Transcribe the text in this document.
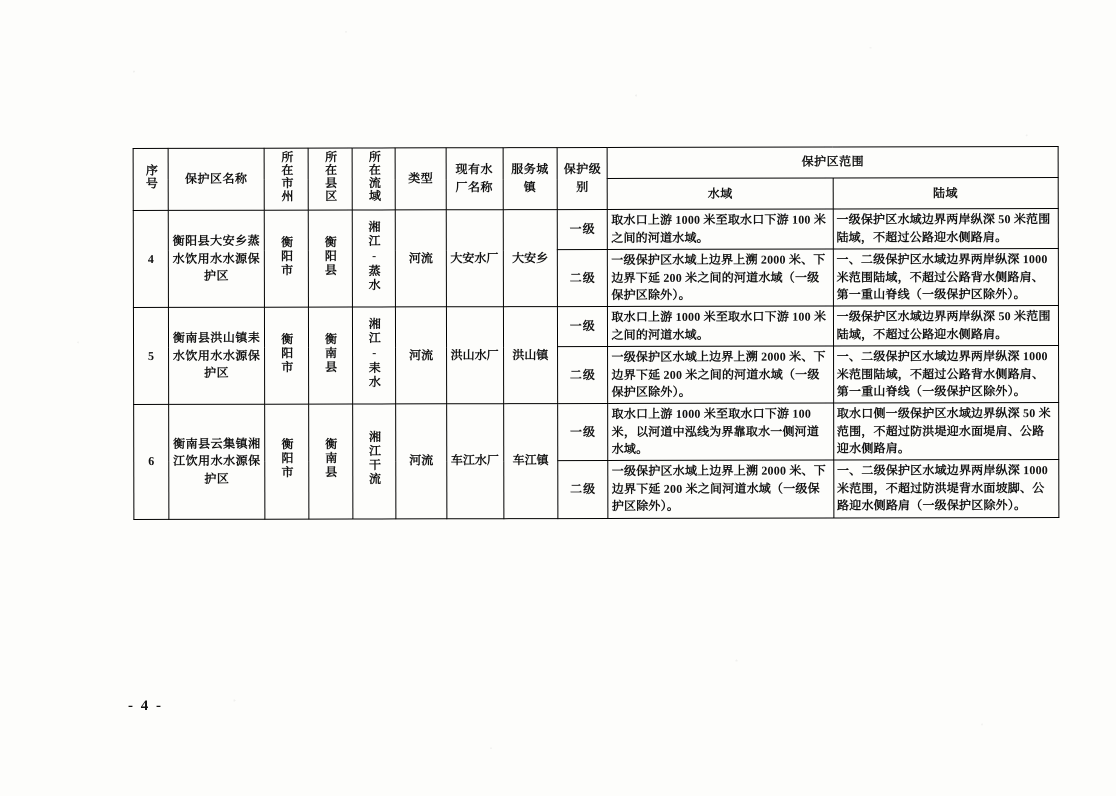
序号	保护区名称	所在市州	所在县区	所在流域	类型	现有水厂名称	服务城镇	保护级别	保护区范围	
									水域	陆域
4	衡阳县大安乡蒸水饮用水水源保护区	衡阳市	衡阳县	湘江-蒸水	河流	大安水厂	大安乡	一级	取水口上游 1000 米至取水口下游 100 米之间的河道水域。	一级保护区水域边界两岸纵深 50 米范围陆域，不超过公路迎水侧路肩。
								二级	一级保护区水域上边界上溯 2000 米、下边界下延 200 米之间的河道水域（一级保护区除外）。	一、二级保护区水域边界两岸纵深 1000 米范围陆域，不超过公路背水侧路肩、第一重山脊线（一级保护区除外）。
5	衡南县洪山镇耒水饮用水水源保护区	衡阳市	衡南县	湘江-耒水	河流	洪山水厂	洪山镇	一级	取水口上游 1000 米至取水口下游 100 米之间的河道水域。	一级保护区水域边界两岸纵深 50 米范围陆域，不超过公路迎水侧路肩。
								二级	一级保护区水域上边界上溯 2000 米、下边界下延 200 米之间的河道水域（一级保护区除外）。	一、二级保护区水域边界两岸纵深 1000 米范围陆域，不超过公路背水侧路肩、第一重山脊线（一级保护区除外）。
6	衡南县云集镇湘江饮用水水源保护区	衡阳市	衡南县	湘江干流	河流	车江水厂	车江镇	一级	取水口上游 1000 米至取水口下游 100 米，以河道中泓线为界靠取水一侧河道水域。	取水口侧一级保护区水域边界纵深 50 米范围，不超过防洪堤迎水面堤肩、公路迎水侧路肩。
								二级	一级保护区水域上边界上溯 2000 米、下边界下延 200 米之间河道水域（一级保护区除外）。	一、二级保护区水域边界两岸纵深 1000 米范围，不超过防洪堤背水面坡脚、公路迎水侧路肩（一级保护区除外）。
- 4 -
